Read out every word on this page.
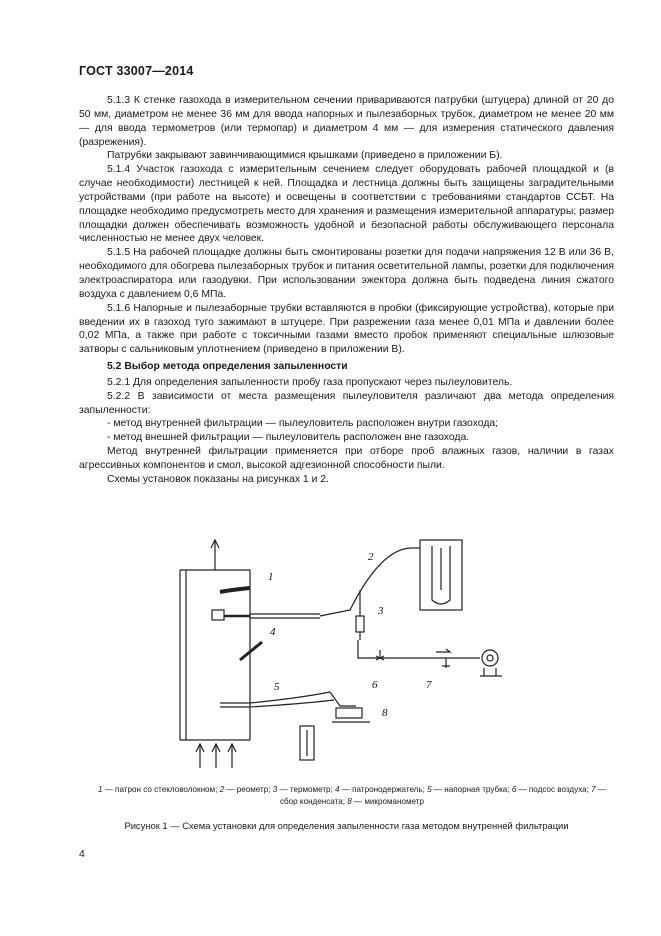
ГОСТ 33007—2014

5.1.3 К стенке газохода в измерительном сечении привариваются патрубки (штуцера) длиной от 20 до 50 мм, диаметром не менее 36 мм для ввода напорных и пылезаборных трубок, диаметром не менее 20 мм — для ввода термометров (или термопар) и диаметром 4 мм — для измерения статического давления (разрежения).

Патрубки закрывают завинчивающимися крышками (приведено в приложении Б).

5.1.4 Участок газохода с измерительным сечением следует оборудовать рабочей площадкой и (в случае необходимости) лестницей к ней. Площадка и лестница должны быть защищены заградительными устройствами (при работе на высоте) и освещены в соответствии с требованиями стандартов ССБТ. На площадке необходимо предусмотреть место для хранения и размещения измерительной аппаратуры; размер площадки должен обеспечивать возможность удобной и безопасной работы обслуживающего персонала численностью не менее двух человек.

5.1.5 На рабочей площадке должны быть смонтированы розетки для подачи напряжения 12 В или 36 В, необходимого для обогрева пылезаборных трубок и питания осветительной лампы, розетки для подключения электроаспиратора или газодувки. При использовании эжектора должна быть подведена линия сжатого воздуха с давлением 0,6 МПа.

5.1.6 Напорные и пылезаборные трубки вставляются в пробки (фиксирующие устройства), которые при введении их в газоход туго зажимают в штуцере. При разрежении газа менее 0,01 МПа и давлении более 0,02 МПа, а также при работе с токсичными газами вместо пробок применяют специальные шлюзовые затворы с сальниковым уплотнением (приведено в приложении В).

5.2 Выбор метода определения запыленности

5.2.1 Для определения запыленности пробу газа пропускают через пылеуловитель.

5.2.2 В зависимости от места размещения пылеуловителя различают два метода определения запыленности:

- метод внутренней фильтрации — пылеуловитель расположен внутри газохода;

- метод внешней фильтрации — пылеуловитель расположен вне газохода.

Метод внутренней фильтрации применяется при отборе проб влажных газов, наличии в газах агрессивных компонентов и смол, высокой адгезионной способности пыли.

Схемы установок показаны на рисунках 1 и 2.

1
2
3
4
5	6	7
8
1 — патрон со стекловолокном; 2 — реометр; 3 — термометр; 4 — патронодержатель; 5 — напорная трубка; 6 — подсос воздуха; 7 — сбор конденсата; 8 — микроманометр
Рисунок 1 — Схема установки для определения запыленности газа методом внутренней фильтрации
4
